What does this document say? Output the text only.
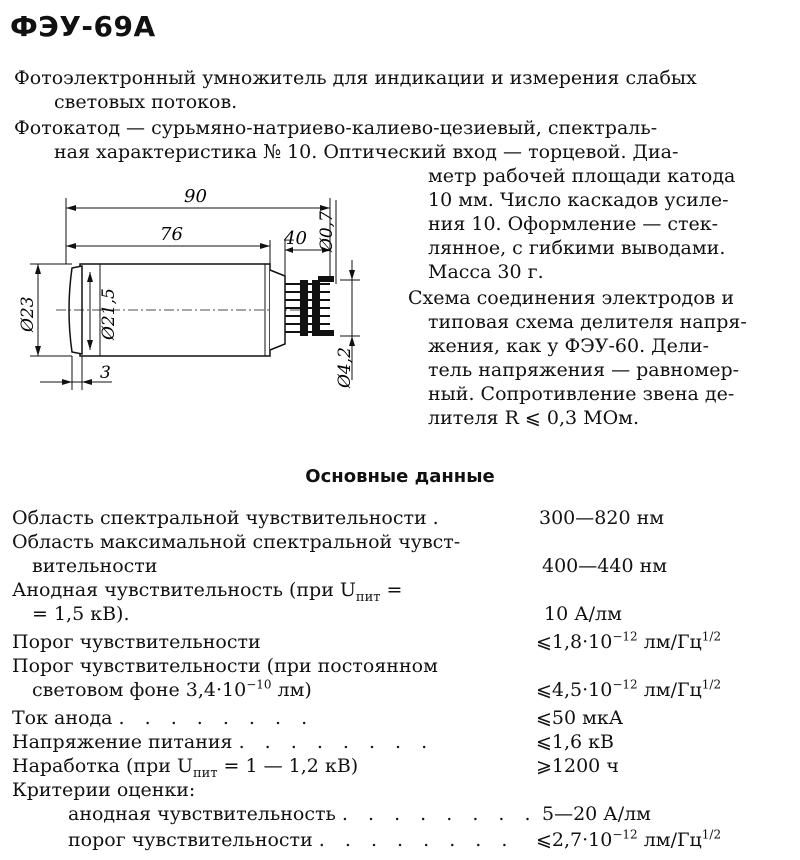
ФЭУ-69А
Фотоэлектронный умножитель для индикации и измерения слабых
световых потоков.
Фотокатод — сурьмяно-натриево-калиево-цезиевый, спектраль-
ная характеристика № 10. Оптический вход — торцевой. Диа-
метр рабочей площади катода
10 мм. Число каскадов усиле-
ния 10. Оформление — стек-
лянное, с гибкими выводами.
Масса 30 г.
Схема соединения электродов и
типовая схема делителя напря-
жения, как у ФЭУ-60. Дели-
тель напряжения — равномер-
ный. Сопротивление звена де-
лителя R ⩽ 0,3 МОм.
90
76	40 Ø0,7
Ø23	Ø21,5
3	Ø4,2
Основные данные
Область спектральной чувствительности .	300—820 нм
Область максимальной спектральной чувст-
вительности	400—440 нм
Анодная чувствительность (при $U_{пит}$ =
= 1,5 кВ).	10 А/лм
Порог чувствительности	$⩽1,8\cdot 10^{-12}$ $лм/Гц^{1/2}$
Порог чувствительности (при постоянном
световом фоне $3,4\cdot 10^{-10}$ лм)	$⩽4,5\cdot 10^{-12}$ $лм/Гц^{1/2}$
Ток анода . . . . . . . .	⩽50 мкА
Напряжение питания . . . . . . . .	⩽1,6 кВ
Наработка (при $U_{пит} = 1$ — 1,2 кВ)	⩾1200 ч
Критерии оценки:
анодная чувствительность . . . . . . . . 5—20 А/лм
порог чувствительности . . . . . . . . $⩽2,7\cdot 10^{-12}$ $лм/Гц^{1/2}$
